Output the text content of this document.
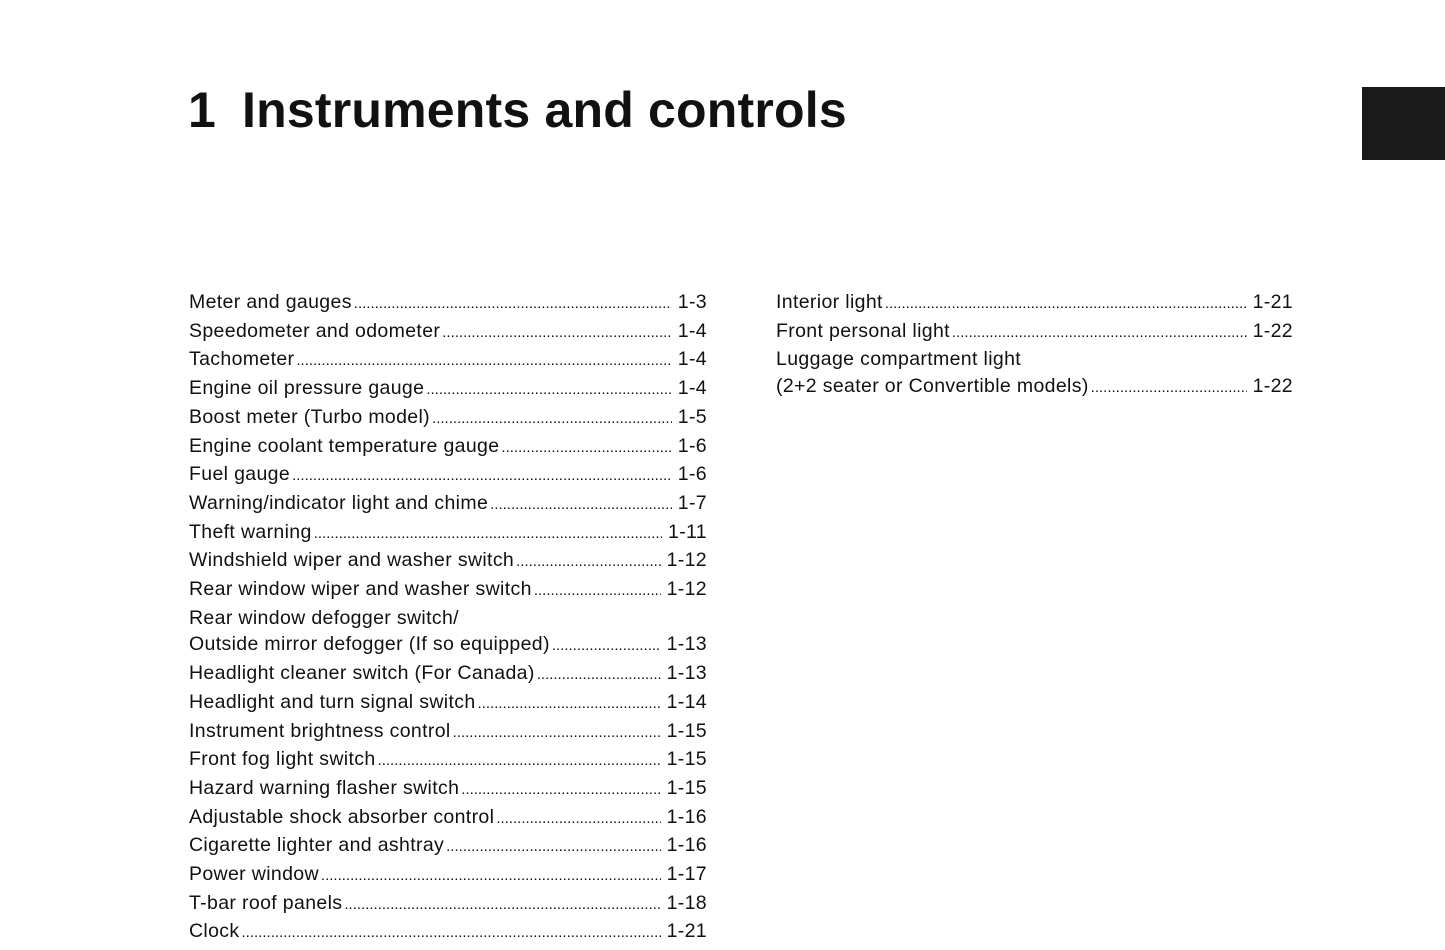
1 Instruments and controls
Meter and gauges .....	1-3
Speedometer and odometer .....	1-4
Tachometer .....	1-4
Engine oil pressure gauge .....	1-4
Boost meter (Turbo model) .....	1-5
Engine coolant temperature gauge .....	1-6
Fuel gauge .....	1-6
Warning/indicator light and chime .....	1-7
Theft warning .....	1-11
Windshield wiper and washer switch .....	1-12
Rear window wiper and washer switch .....	1-12
Rear window defogger switch/
Outside mirror defogger (If so equipped) .....	1-13
Headlight cleaner switch (For Canada) .....	1-13
Headlight and turn signal switch .....	1-14
Instrument brightness control .....	1-15
Front fog light switch .....	1-15
Hazard warning flasher switch .....	1-15
Adjustable shock absorber control .....	1-16
Cigarette lighter and ashtray .....	1-16
Power window .....	1-17
T-bar roof panels .....	1-18
Clock .....	1-21
Interior light .....	1-21
Front personal light .....	1-22
Luggage compartment light
(2+2 seater or Convertible models) .....	1-22
